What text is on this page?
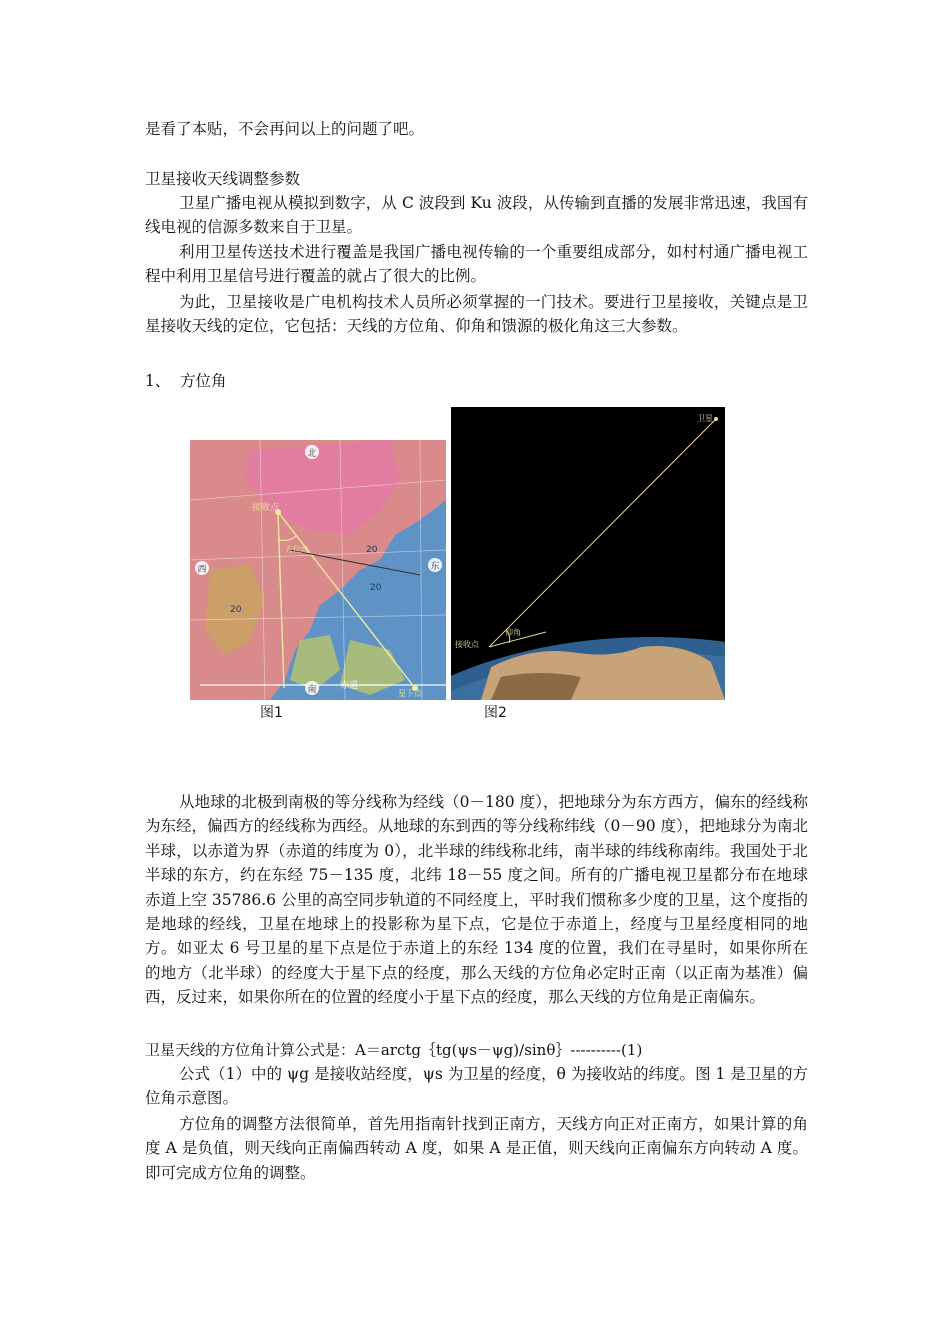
是看了本贴，不会再问以上的问题了吧。
卫星接收天线调整参数
卫星广播电视从模拟到数字，从 C 波段到 Ku 波段，从传输到直播的发展非常迅速，我国有线电视的信源多数来自于卫星。
利用卫星传送技术进行覆盖是我国广播电视传输的一个重要组成部分，如村村通广播电视工程中利用卫星信号进行覆盖的就占了很大的比例。
为此，卫星接收是广电机构技术人员所必须掌握的一门技术。要进行卫星接收，关键点是卫星接收天线的定位，它包括：天线的方位角、仰角和馈源的极化角这三大参数。
1、 方位角
北
西	东
南
接收点
方位角
赤道
星下点
20
20
20
卫星
仰角
接收点
图1	图2
从地球的北极到南极的等分线称为经线（0－180 度），把地球分为东方西方，偏东的经线称为东经，偏西方的经线称为西经。从地球的东到西的等分线称纬线（0－90 度），把地球分为南北半球，以赤道为界（赤道的纬度为 0），北半球的纬线称北纬，南半球的纬线称南纬。我国处于北半球的东方，约在东经 75－135 度，北纬 18－55 度之间。所有的广播电视卫星都分布在地球赤道上空 35786.6 公里的高空同步轨道的不同经度上，平时我们惯称多少度的卫星，这个度指的是地球的经线，卫星在地球上的投影称为星下点，它是位于赤道上，经度与卫星经度相同的地方。如亚太 6 号卫星的星下点是位于赤道上的东经 134 度的位置，我们在寻星时，如果你所在的地方（北半球）的经度大于星下点的经度，那么天线的方位角必定时正南（以正南为基准）偏西，反过来，如果你所在的位置的经度小于星下点的经度，那么天线的方位角是正南偏东。
卫星天线的方位角计算公式是：A＝arctg｛tg(ψs－ψg)/sinθ｝----------(1)
公式（1）中的 ψg 是接收站经度，ψs 为卫星的经度，θ 为接收站的纬度。图 1 是卫星的方位角示意图。
方位角的调整方法很简单，首先用指南针找到正南方，天线方向正对正南方，如果计算的角度 A 是负值，则天线向正南偏西转动 A 度，如果 A 是正值，则天线向正南偏东方向转动 A 度。即可完成方位角的调整。
